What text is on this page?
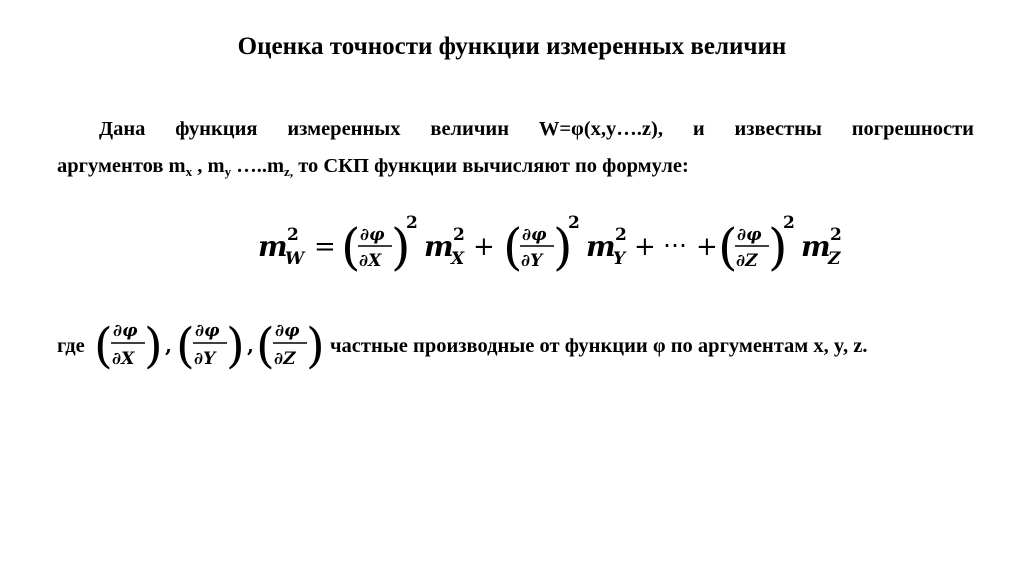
Оценка точности функции измеренных величин
Дана функция измеренных величин W=φ(x,y….z), и известны погрешности
аргументов $m_x$ , $m_y$ $\dots..m_{z,}$ то СКП функции вычисляют по формуле:
m 2
W = ( ∂φ
∂X )
2
m 2
X + ( ∂φ
∂Y )
2
m 2
Y + ⋯ + ( ∂φ
∂Z )
2
m 2
Z
где ( ∂φ
∂X ) , ( ∂φ
∂Y ) , ( ∂φ
∂Z ) частные производные от функции φ по аргументам x, y, z.
